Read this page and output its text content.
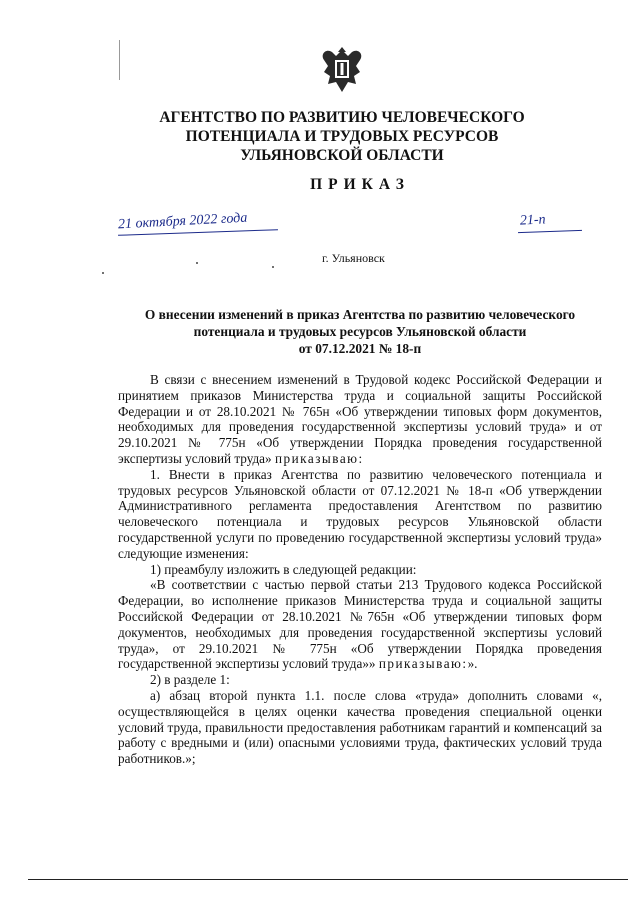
АГЕНТСТВО ПО РАЗВИТИЮ ЧЕЛОВЕЧЕСКОГО
ПОТЕНЦИАЛА И ТРУДОВЫХ РЕСУРСОВ
УЛЬЯНОВСКОЙ ОБЛАСТИ
ПРИКАЗ
21 октября 2022 года	21-п
г. Ульяновск
О внесении изменений в приказ Агентства по развитию человеческого
потенциала и трудовых ресурсов Ульяновской области
от 07.12.2021 № 18-п

В связи с внесением изменений в Трудовой кодекс Российской Федерации и принятием приказов Министерства труда и социальной защиты Российской Федерации и от 28.10.2021 № 765н «Об утверждении типовых форм документов, необходимых для проведения государственной экспертизы условий труда» и от 29.10.2021 № 775н «Об утверждении Порядка проведения государственной экспертизы условий труда» приказываю:

1. Внести в приказ Агентства по развитию человеческого потенциала и трудовых ресурсов Ульяновской области от 07.12.2021 № 18-п «Об утверждении Административного регламента предоставления Агентством по развитию человеческого потенциала и трудовых ресурсов Ульяновской области государственной услуги по проведению государственной экспертизы условий труда» следующие изменения:

1) преамбулу изложить в следующей редакции:

«В соответствии с частью первой статьи 213 Трудового кодекса Российской Федерации, во исполнение приказов Министерства труда и социальной защиты Российской Федерации от 28.10.2021 №765н «Об утверждении типовых форм документов, необходимых для проведения государственной экспертизы условий труда», от 29.10.2021 № 775н «Об утверждении Порядка проведения государственной экспертизы условий труда»» приказываю:».

2) в разделе 1:

а) абзац второй пункта 1.1. после слова «труда» дополнить словами «, осуществляющейся в целях оценки качества проведения специальной оценки условий труда, правильности предоставления работникам гарантий и компенсаций за работу с вредными и (или) опасными условиями труда, фактических условий труда работников.»;
